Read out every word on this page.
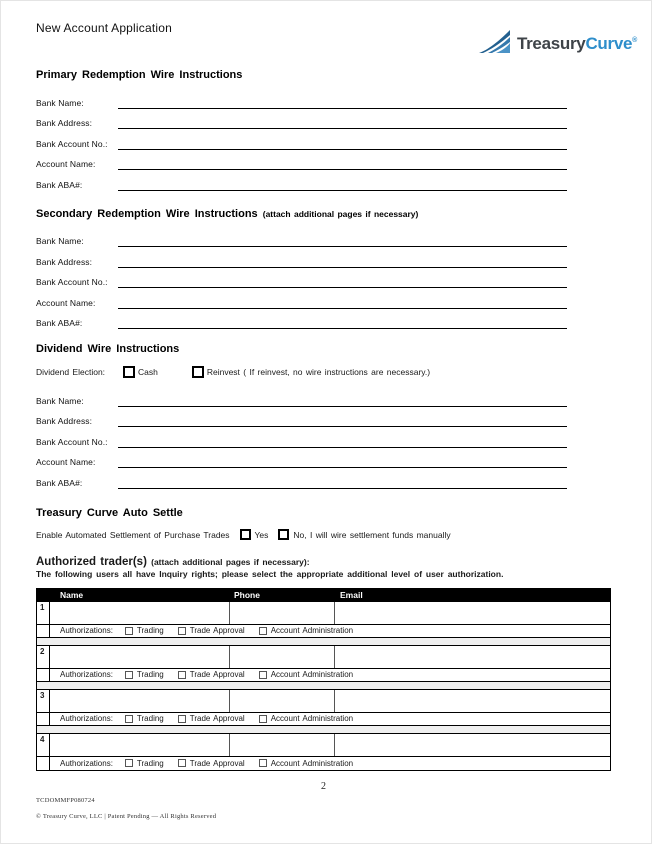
New Account Application
TreasuryCurve®
Primary Redemption Wire Instructions
Bank Name:
Bank Address:
Bank Account No.:
Account Name:
Bank ABA#:
Secondary Redemption Wire Instructions (attach additional pages if necessary)
Bank Name:
Bank Address:
Bank Account No.:
Account Name:
Bank ABA#:
Dividend Wire Instructions
Dividend Election:	Cash	Reinvest ( If reinvest, no wire instructions are necessary.)
Bank Name:
Bank Address:
Bank Account No.:
Account Name:
Bank ABA#:
Treasury Curve Auto Settle
Enable Automated Settlement of Purchase Trades	Yes	No, I will wire settlement funds manually
Authorized trader(s) (attach additional pages if necessary):
The following users all have Inquiry rights; please select the appropriate additional level of user authorization.
Name	Phone	Email
1
Authorizations:	Trading	Trade Approval	Account Administration
2
Authorizations:	Trading	Trade Approval	Account Administration
3
Authorizations:	Trading	Trade Approval	Account Administration
4
Authorizations:	Trading	Trade Approval	Account Administration
2
TCDOMMFP080724
© Treasury Curve, LLC | Patent Pending — All Rights Reserved
